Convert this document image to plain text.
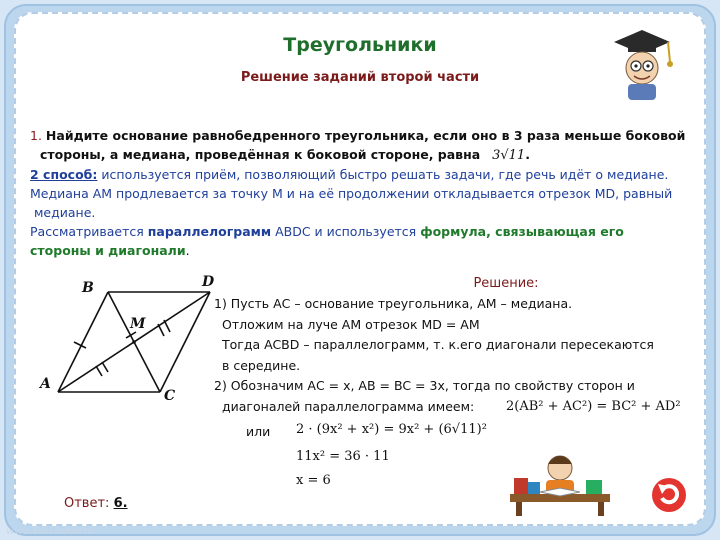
Треугольники
Решение заданий второй части
1. Найдите основание равнобедренного треугольника, если оно в 3 раза меньше боковой
стороны, а медиана, проведённая к боковой стороне, равна 3√11.
2 способ: используется приём, позволяющий быстро решать задачи, где речь идёт о медиане.
Медиана АМ продлевается за точку М и на её продолжении откладывается отрезок MD, равный
медиане.
Рассматривается параллелограмм ABDC и используется формула, связывающая его
стороны и диагонали.
B	D
M
A
C
Решение:
1) Пусть АС – основание треугольника, АМ – медиана.
Отложим на луче АМ отрезок MD = AM
Тогда ACBD – параллелограмм, т. к.его диагонали пересекаются
в середине.
2) Обозначим АС = x, AB = BC = 3x, тогда по свойству сторон и
диагоналей параллелограмма имеем:	2(AB² + AC²) = BC² + AD²
или 2 · (9x² + x²) = 9x² + (6√11)²
11x² = 36 · 11
x = 6
Ответ: 6.
www.Edu.Avtor.ru
